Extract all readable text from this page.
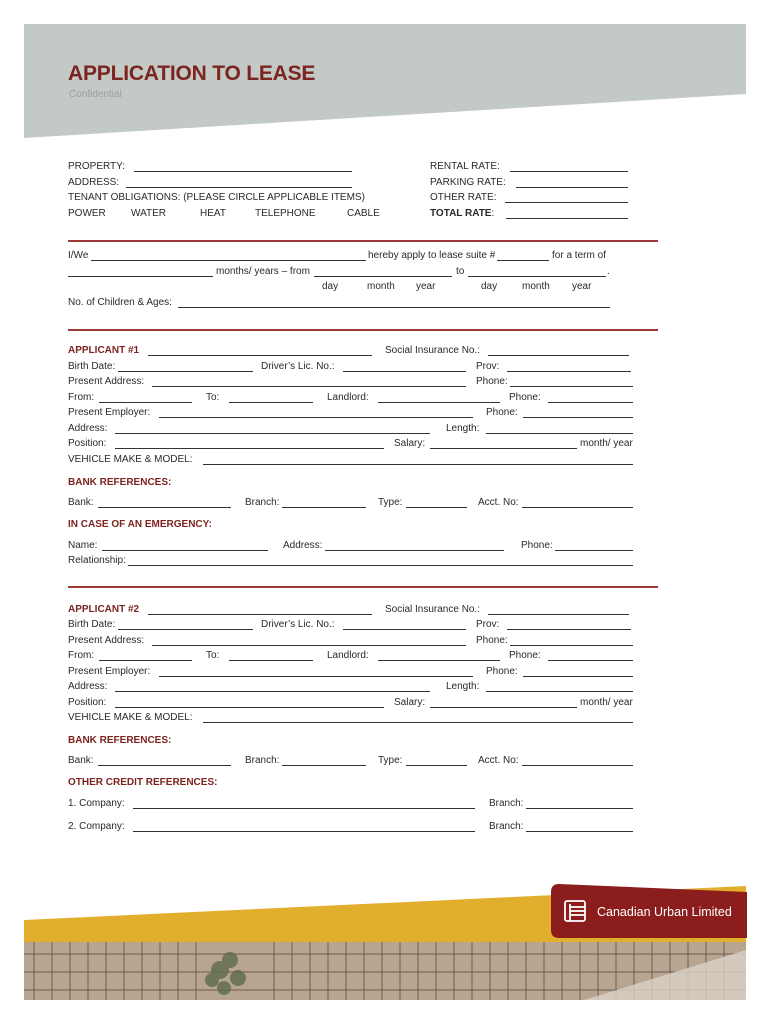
APPLICATION TO LEASE
Confidential
PROPERTY:
ADDRESS:
TENANT OBLIGATIONS: (PLEASE CIRCLE APPLICABLE ITEMS)
POWER	WATER	HEAT	TELEPHONE	CABLE
RENTAL RATE:
PARKING RATE:
OTHER RATE:
TOTAL RATE:
I/We	hereby apply to lease suite #	for a term of
months/ years – from	to	.
day	month year	day month year
No. of Children & Ages:
APPLICANT #1	Social Insurance No.:
Birth Date:	Driver’s Lic. No.:	Prov:
Present Address:	Phone:
From:	To:	Landlord:	Phone:
Present Employer:	Phone:
Address:	Length:
Position:	Salary:	month/ year
VEHICLE MAKE & MODEL:
BANK REFERENCES:
Bank:	Branch:	Type:	Acct. No:
IN CASE OF AN EMERGENCY:
Name:	Address:	Phone:
Relationship:
APPLICANT #2	Social Insurance No.:
Birth Date:	Driver’s Lic. No.:	Prov:
Present Address:	Phone:
From:	To:	Landlord:	Phone:
Present Employer:	Phone:
Address:	Length:
Position:	Salary:	month/ year
VEHICLE MAKE & MODEL:
BANK REFERENCES:
Bank:	Branch:	Type:	Acct. No:
OTHER CREDIT REFERENCES:
1. Company:	Branch:
2. Company:	Branch:
Canadian Urban Limited
